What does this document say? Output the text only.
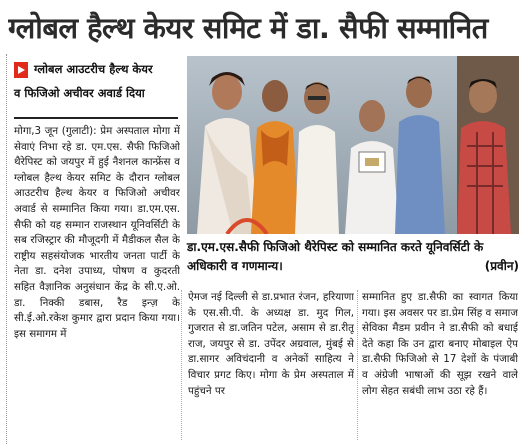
ग्लोबल हैल्थ केयर समिट में डा. सैफी सम्मानित
ग्लोबल आउटरीच हैल्थ केयर
व फिजिओ अचीवर अवार्ड दिया

मोगा,3 जून (गुलाटी): प्रेम अस्पताल मोगा में सेवाएं निभा रहे डा. एम.एस. सैफी फिजिओ थैरेपिस्ट को जयपुर में हुई नैशनल कान्फ्रेंस व ग्लोबल हैल्थ केयर समिट के दौरान ग्लोबल आउटरीच हैल्थ केयर व फिजिओ अचीवर अवार्ड से सम्मानित किया गया। डा.एम.एस. सैफी को यह सम्मान राजस्थान यूनिवर्सिटी के सब रजिस्ट्रार की मौजूदगी में मैडीकल सैल के राष्ट्रीय सहसंयोजक भारतीय जनता पार्टी के नेता डा. दनेश उपाध्य, पोषण व कुदरती सहित वैज्ञानिक अनुसंधान केंद्र के सी.ए.ओ. डा. निक्की डबास, रैड इन्ज़ के सी.ई.ओ.रकेश कुमार द्वारा प्रदान किया गया। इस समागम में

डा.एम.एस.सैफी फिजिओ थैरेपिस्ट को सम्मानित करते यूनिवर्सिटी के अधिकारी व गणमान्य।	(प्रवीन)

ऐमज नई दिल्ली से डा.प्रभात रंजन, हरियाणा के एस.सी.पी. के अध्यक्ष डा. मुद गिल, गुजरात से डा.जतिन पटेल, असाम से डा.रीतू राज, जयपुर से डा. उपेंदर अग्रवाल, मुंबई से डा.सागर अविचंदानी व अनेकों साहित्य ने विचार प्रगट किए। मोगा के प्रेम अस्पताल में पहुंचने पर

सम्मानित हुए डा.सैफी का स्वागत किया गया। इस अवसर पर डा.प्रेम सिंह व समाज सेविका मैडम प्रवीन ने डा.सैफी को बधाई देते कहा कि उन द्वारा बनाए मोबाइल ऐप डा.सैफी फिजिओ से 17 देशों के पंजाबी व अंग्रेजी भाषाओं की सूझ रखने वाले लोग सेहत सबंधी लाभ उठा रहे हैं।
